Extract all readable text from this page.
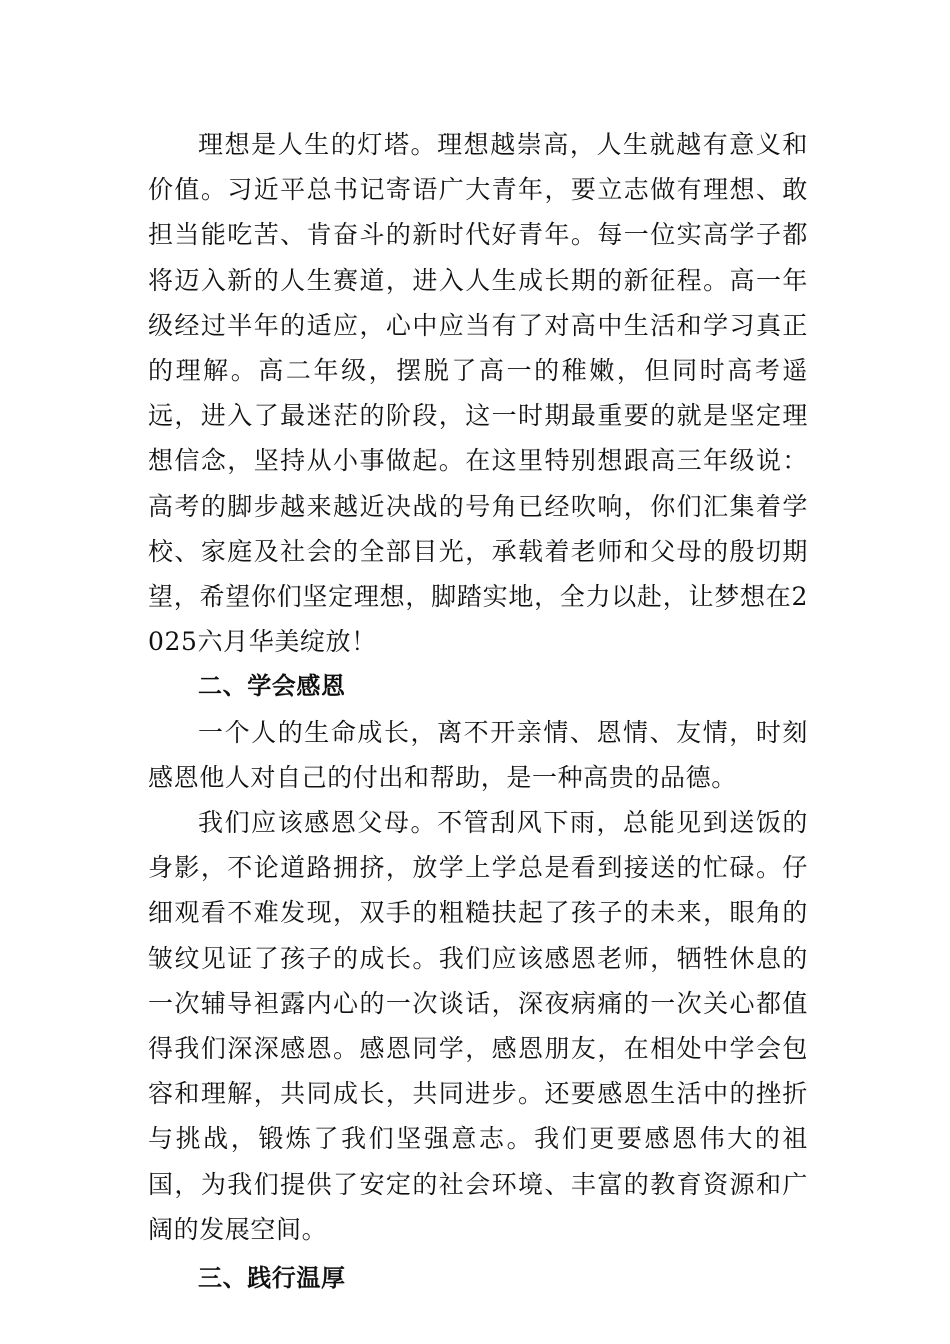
理想是人生的灯塔。理想越崇高，人生就越有意义和价值。习近平总书记寄语广大青年，要立志做有理想、敢担当能吃苦、肯奋斗的新时代好青年。每一位实高学子都将迈入新的人生赛道，进入人生成长期的新征程。高一年级经过半年的适应，心中应当有了对高中生活和学习真正的理解。高二年级，摆脱了高一的稚嫩，但同时高考遥远，进入了最迷茫的阶段，这一时期最重要的就是坚定理想信念，坚持从小事做起。在这里特别想跟高三年级说：高考的脚步越来越近决战的号角已经吹响，你们汇集着学校、家庭及社会的全部目光，承载着老师和父母的殷切期望，希望你们坚定理想，脚踏实地，全力以赴，让梦想在2025六月华美绽放！

二、学会感恩

一个人的生命成长，离不开亲情、恩情、友情，时刻感恩他人对自己的付出和帮助，是一种高贵的品德。

我们应该感恩父母。不管刮风下雨，总能见到送饭的身影，不论道路拥挤，放学上学总是看到接送的忙碌。仔细观看不难发现，双手的粗糙扶起了孩子的未来，眼角的皱纹见证了孩子的成长。我们应该感恩老师，牺牲休息的一次辅导袒露内心的一次谈话，深夜病痛的一次关心都值得我们深深感恩。感恩同学，感恩朋友，在相处中学会包容和理解，共同成长，共同进步。还要感恩生活中的挫折与挑战，锻炼了我们坚强意志。我们更要感恩伟大的祖国，为我们提供了安定的社会环境、丰富的教育资源和广阔的发展空间。

三、践行温厚
